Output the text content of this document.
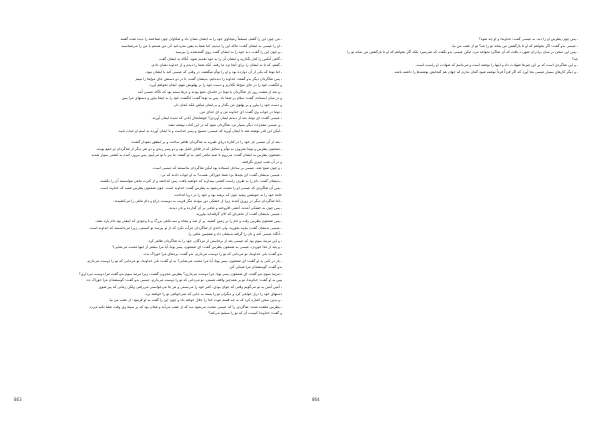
ـ من چون این را گفتم، مسلماً رمیجاوی خود را به ایشان نشان داد و شکاوان چون شناختند را دیده شده گفتند
ـ او را عیسی به ایشان گفت: ماکه این را دیدیم، اما شما به یقین نمی‌دانید کی من هستم یا من را می‌شناسید.
ـ و چون این را گفت، دید خود را به ایشان گفت روی گفته‌شده را بپرسید
ـ گاهی آنکس را کنار بگذارید و ایشان آن را به خود تقدیم نمود، آنگاه به ایشان گفت
ـ گفتم، که تا نه ایشان را برای آنجا نزد ما رفته، آنکه شما را دیدم و از خداوند نشان دادم.
ـ اما توما که یکی از آن دوازده بود و او را توأم میگفتند، در وقتی که عیسی آمد با ایشان نبود.
ـ پس شاگردان دیگر بدو گفتند: خداوند را دیده‌ایم. بدیشان گفت: تا در دو دستش جای میخ‌ها را نبینم
و انگشت خود را در جای میخ‌ها نگذارم و دست خود را بر پهلویش ننهم، ایمان نخواهم آورد.
ـ و بعد از هشت روز باز شاگردان با توما در خانه‌ای جمع بودند و درها بسته بود که ناگاه عیسی آمد
و در میان ایستاده، گفت: سلام بر شما باد. پس به توما گفت: انگشت خود را به اینجا بیاور و دستهای مرا ببین
و دست خود را بیاور و بر پهلوی من بگذار و بی‌ایمان مباش بلکه ایمان دار.
ـ توما در جواب وی گفت: ای خداوند من و ای خدای من.
ـ عیسی گفت: ای توما، بعد از دیدنم ایمان آوردی؟ خوشابحال آنانی که ندیده ایمان آورند.
ـ و عیسی معجزات دیگر بسیار نزد شاگردان نمود که در این کتاب نوشته نشد.
ـ لیکن این قدر نوشته شد تا ایمان آورید که عیسی، مسیح و پسر خداست و تا ایمان آورده به اسم او حیات یابید.
ـ بعد از آن عیسی باز خود را در کنارهٔ دریای طبریه به شاگردان ظاهر ساخت و بر اینطور نمودار گشت:
ـ شمعون پطرس و توما معروف به توأم و نتنائیل که از قانای جلیل بود و دو پسر زبدی و دو نفر دیگر از شاگردان او جمع بودند.
ـ شمعون پطرس به ایشان گفت: می‌روم تا صید ماهی کنم. به او گفتند: ما نیز با تو می‌آییم. پس بیرون آمده به کشتی سوار شدند
و در آن شب چیزی نگرفتند.
ـ و چون صبح شد، عیسی بر ساحل ایستاده بود لیکن شاگردان ندانستند که عیسی است.
ـ عیسی بدیشان گفت: ای بچه‌ها نزد شما خوراکی هست؟ به او جواب دادند که نی.
ـ بدیشان گفت: دام را به طرف راست کشتی بیندازید که خواهید یافت. پس انداختند و از کثرت ماهی نتوانستند آن را بکشند.
ـ پس آن شاگردی که عیسی او را محبت می‌نمود به پطرس گفت: خداوند است. چون شمعون پطرس شنید که خداوند است
جامهٔ خود را به خویشتن پیچید چون که برهنه بود و خود را در دریا انداخت.
ـ اما شاگردان دیگر در زورق آمدند زیرا از خشکی دور نبودند مگر قریب به دویست ذراع و دام ماهی را می‌کشیدند.
ـ پس چون به خشکی آمدند، آتشی افروخته و ماهی بر آن گذارده و نان دیدند.
ـ عیسی بدیشان گفت: از ماهی‌ای که الان گرفته‌اید بیاورید.
ـ پس شمعون پطرس رفت و دام را بر زمین کشید، پر از صد و پنجاه و سه ماهی بزرگ و با وجودی که اینقدر بود دام پاره نشد.
ـ عیسی بدیشان گفت: بیایید بخورید. ولی احدی از شاگردان جرأت نکرد که از او بپرسد تو کیستی، زیرا می‌دانستند که خداوند است.
ـ آنگاه عیسی آمد و نان را گرفته بدیشان داد و همچنین ماهی را.
ـ و این مرتبهٔ سوم بود که عیسی بعد از برخاستن از مردگان، خود را به شاگردان ظاهر کرد.
ـ و بعد از غذا خوردن، عیسی به شمعون پطرس گفت: ای شمعون، پسر یونا، آیا مرا بیشتر از اینها محبت می‌نمایی؟
بدو گفت: بلی خداوندا، تو می‌دانی که تو را دوست می‌دارم. بدو گفت: بره‌های مرا خوراک بده.
ـ باز در ثانی به او گفت: ای شمعون، پسر یونا، آیا مرا محبت می‌نمایی؟ به او گفت: بلی خداوندا، تو می‌دانی که تو را دوست می‌دارم.
بدو گفت: گوسفندان مرا شبانی کن.
ـ مرتبهٔ سوم بدو گفت: ای شمعون، پسر یونا، مرا دوست می‌داری؟ پطرس محزون گشت، زیرا مرتبهٔ سوم بدو گفت مرا دوست می‌داری؟
پس به او گفت: خداوندا، تو بر همه‌چیز واقف هستی. تو می‌دانی که تو را دوست می‌دارم. عیسی بدو گفت: گوسفندان مرا خوراک ده.
ـ آمین آمین به تو می‌گویم وقتی که جوان بودی، کمر خود را می‌بستی و هر جا می‌خواستی می‌رفتی ولکن زمانی که پیر شوی
دستهای خود را دراز خواهی کرد و دیگران تو را بسته به جایی که نمی‌خواهی تو را خواهند برد.
ـ و بدین سخن اشاره کرد که به چه قسم موت خدا را جلال خواهد داد و چون این را گفت به او فرمود: از عقب من بیا.
ـ پطرس ملتفت شده، شاگردی را که عیسی محبت می‌نمود دید که از عقب می‌آید و همان بود که بر سینهٔ وی وقت عشا تکیه می‌زد
و گفت: خداوندا کیست آن که تو را تسلیم می‌کند؟
863
ـ پس چون پطرس او را دید، به عیسی گفت: خداوندا و او چه شود؟
ـ عیسی بدو گفت: اگر بخواهم که او تا بازگشتن من بماند تو را چه؟ تو از عقب من بیا.
ـ پس این سخن در میان برادران شهرت یافت که آن شاگرد نخواهد مرد. لیکن عیسی بدو نگفت که نمی‌میرد بلکه اگر بخواهم که او تا بازگشتن من بماند تو را
چه؟
ـ و این شاگردی است که بر این چیزها شهادت داد و اینها را نوشته است و می‌دانیم که شهادت او راست است.
ـ و دیگر کارهای بسیار عیسی بجا آورد که اگر فرداً فرداً نوشته شود گمان ندارم که جهان هم گنجایش نوشته‌ها را داشته باشد.
864
